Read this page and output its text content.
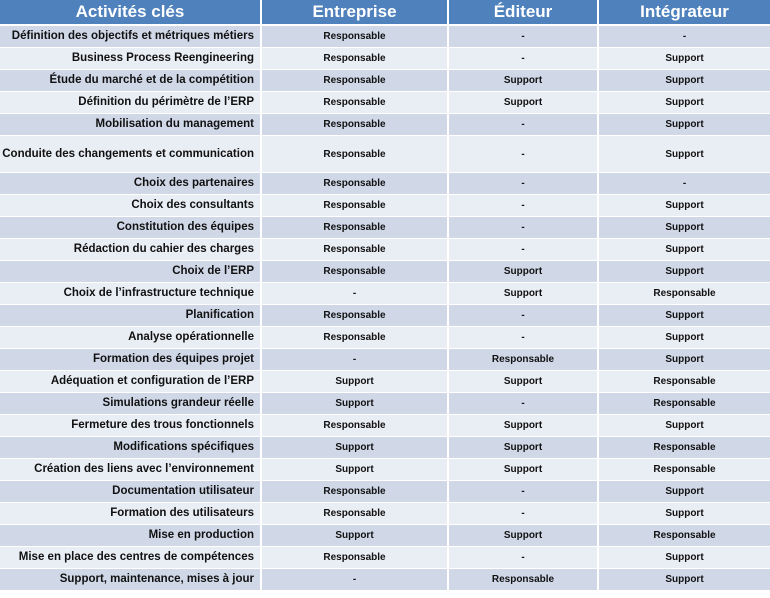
Activités clés	Entreprise	Éditeur	Intégrateur
Définition des objectifs et métriques métiers	Responsable	-	-
Business Process Reengineering	Responsable	-	Support
Étude du marché et de la compétition	Responsable	Support	Support
Définition du périmètre de l’ERP	Responsable	Support	Support
Mobilisation du management	Responsable	-	Support
Conduite des changements et communication	Responsable	-	Support
Choix des partenaires	Responsable	-	-
Choix des consultants	Responsable	-	Support
Constitution des équipes	Responsable	-	Support
Rédaction du cahier des charges	Responsable	-	Support
Choix de l’ERP	Responsable	Support	Support
Choix de l’infrastructure technique	-	Support	Responsable
Planification	Responsable	-	Support
Analyse opérationnelle	Responsable	-	Support
Formation des équipes projet	-	Responsable	Support
Adéquation et configuration de l’ERP	Support	Support	Responsable
Simulations grandeur réelle	Support	-	Responsable
Fermeture des trous fonctionnels	Responsable	Support	Support
Modifications spécifiques	Support	Support	Responsable
Création des liens avec l’environnement	Support	Support	Responsable
Documentation utilisateur	Responsable	-	Support
Formation des utilisateurs	Responsable	-	Support
Mise en production	Support	Support	Responsable
Mise en place des centres de compétences	Responsable	-	Support
Support, maintenance, mises à jour	-	Responsable	Support
